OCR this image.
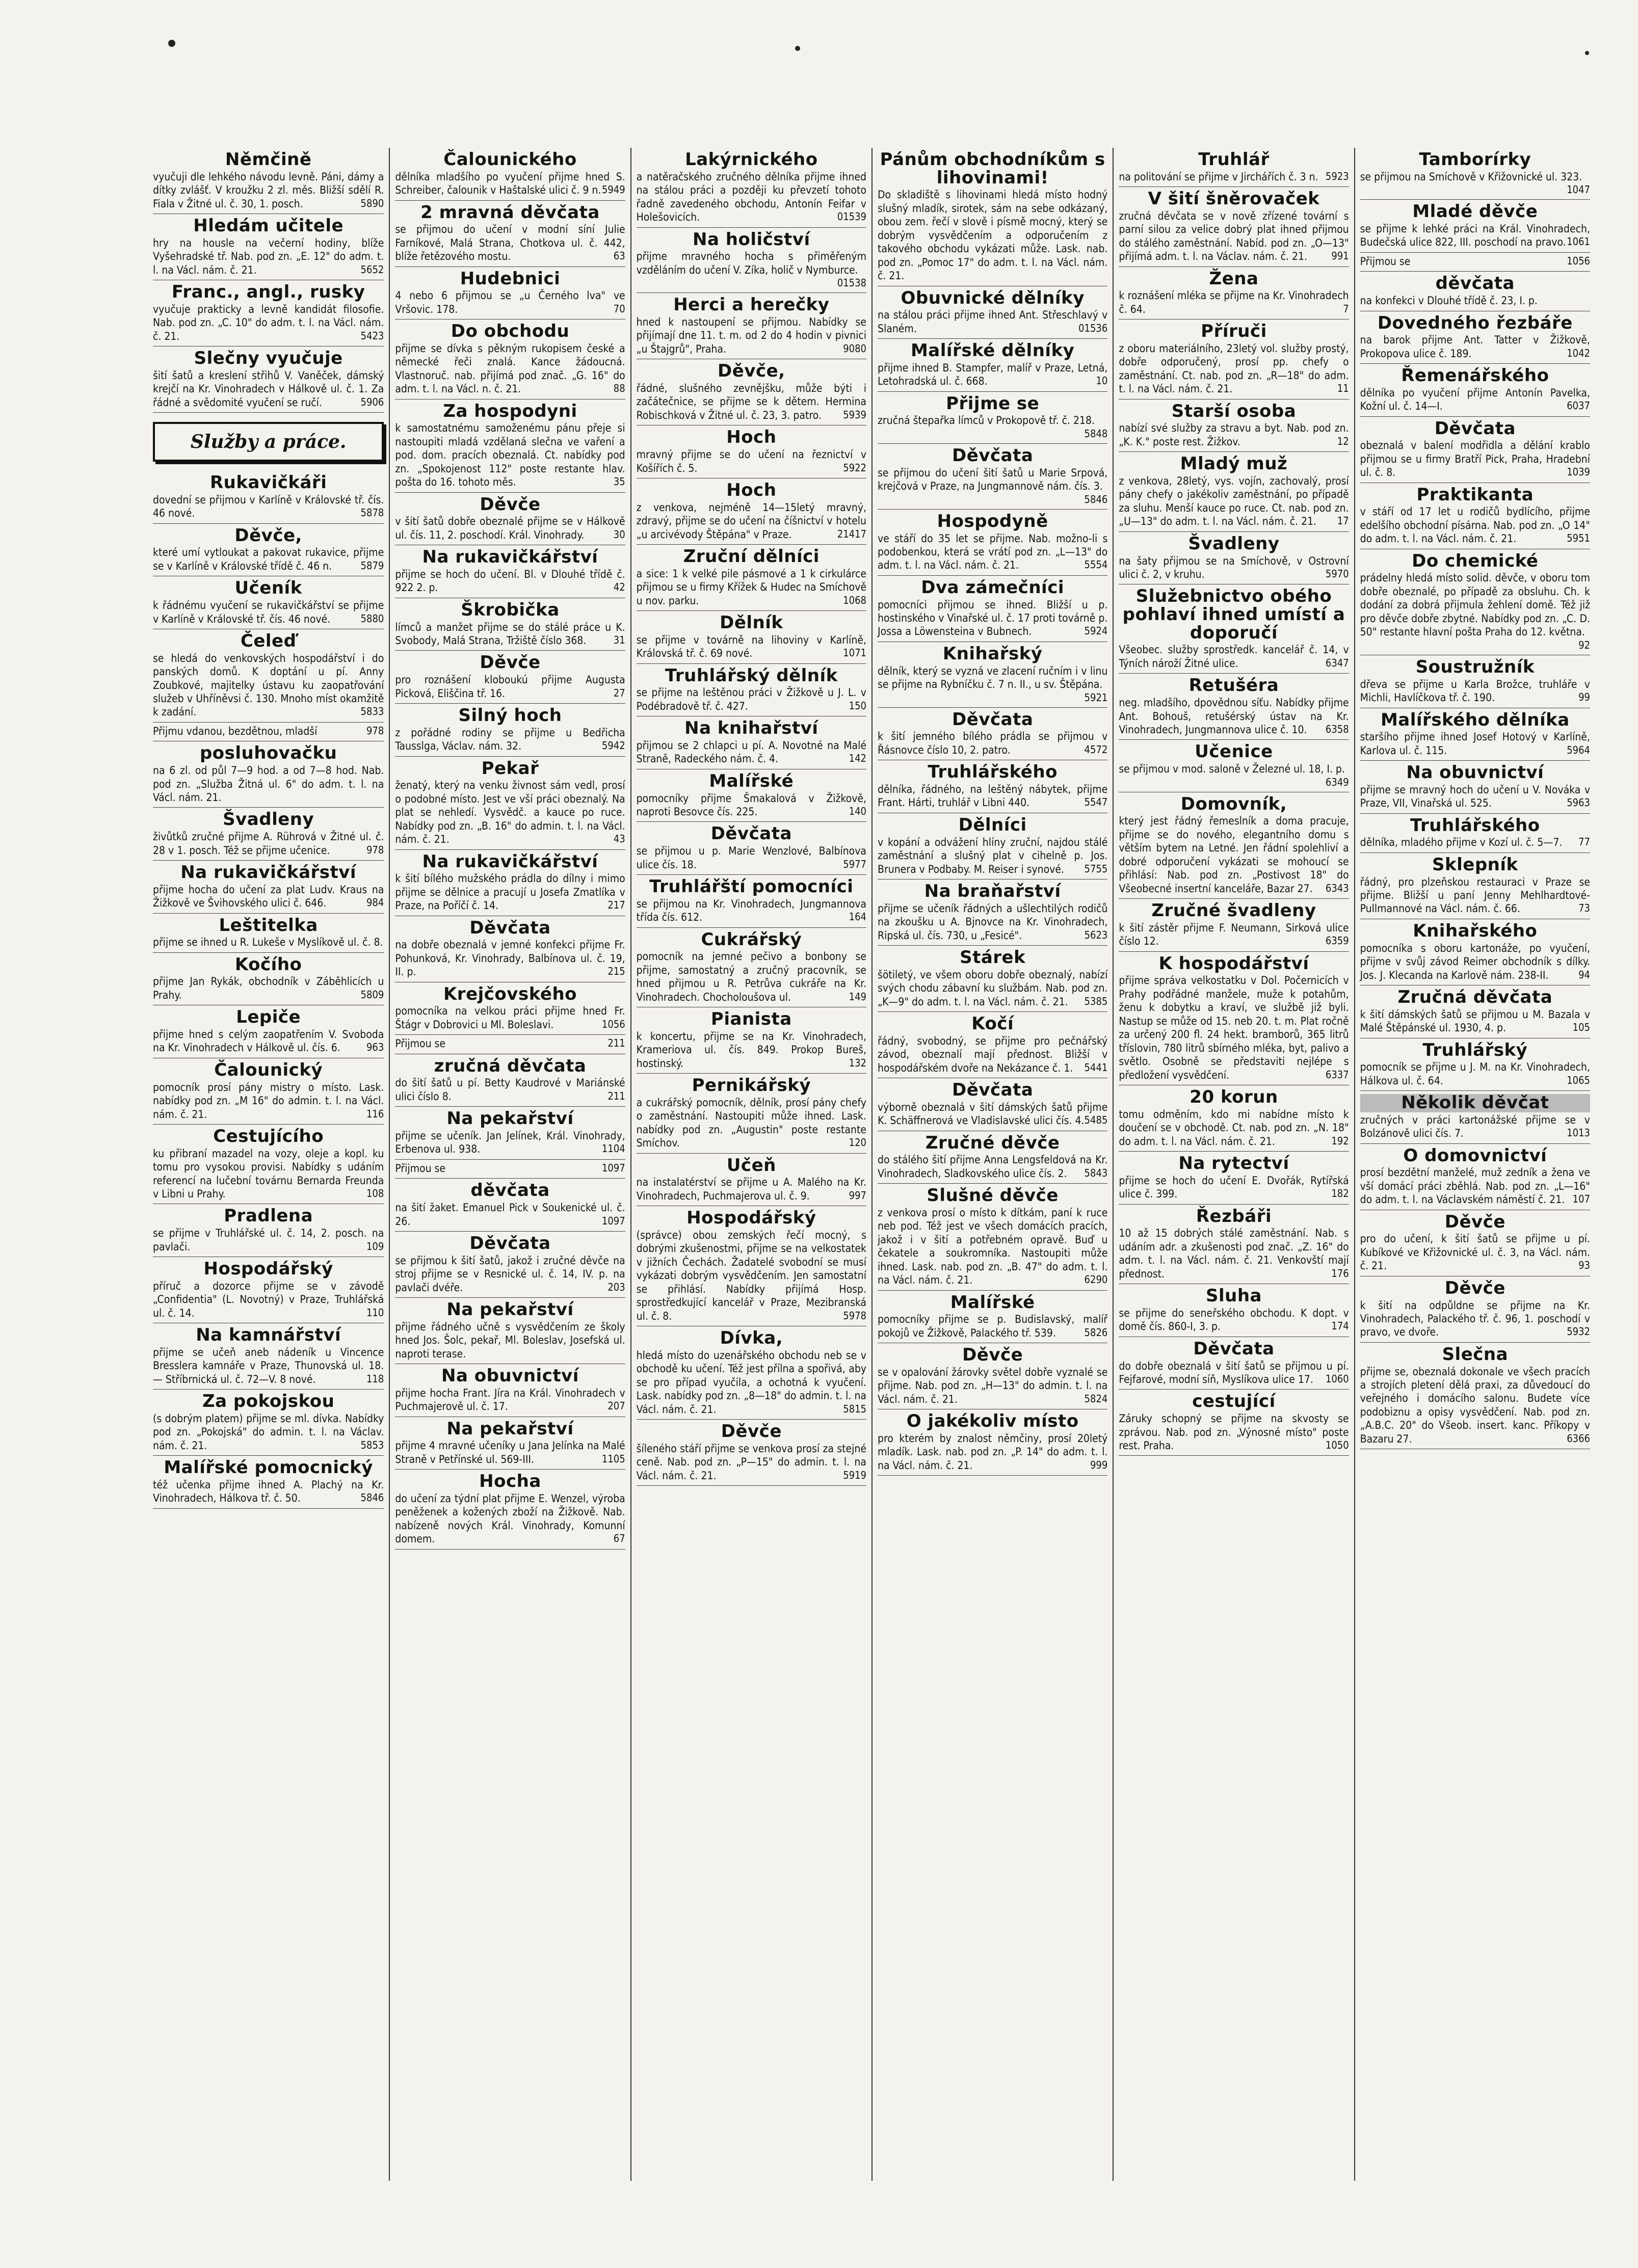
Němčině

vyučuji dle lehkého návodu levně. Páni, dámy a dítky zvlášť. V kroužku 2 zl. měs. Bližší sdělí R. Fiala v Žitné ul. č. 30, 1. posch.	5890

Hledám učitele

hry na housle na večerní hodiny, blíže Vyšehradské tř. Nab. pod zn. „E. 12" do adm. t. l. na Václ. nám. č. 21.	5652

Franc., angl., rusky

vyučuje prakticky a levně kandidát filosofie. Nab. pod zn. „C. 10" do adm. t. l. na Václ. nám. č. 21.	5423

Slečny vyučuje

šití šatů a kreslení střihů V. Vaněček, dámský krejčí na Kr. Vinohradech v Hálkově ul. č. 1. Za řádné a svědomité vyučení se ručí.	5906

Služby a práce.
Rukavičkáři

dovední se přijmou v Karlíně v Královské tř. čís. 46 nové.	5878

Děvče,

které umí vytloukat a pakovat rukavice, přijme se v Karlíně v Královské třídě č. 46 n.	5879

Učeník

k řádnému vyučení se rukavičkářství se přijme v Karlíně v Královské tř. čís. 46 nové.	5880

Čeleď

se hledá do venkovských hospodářství i do panských domů. K doptání u pí. Anny Zoubkové, majitelky ústavu ku zaopatřování služeb v Uhříněvsi č. 130. Mnoho míst okamžitě k zadání.	5833

Přijmu vdanou, bezdětnou, mladší	978

posluhovačku

na 6 zl. od půl 7—9 hod. a od 7—8 hod. Nab. pod zn. „Služba Žitná ul. 6" do adm. t. l. na Václ. nám. 21.

Švadleny

živůtků zručné přijme A. Rührová v Žitné ul. č. 28 v 1. posch. Též se přijme učenice.	978

Na rukavičkářství

přijme hocha do učení za plat Ludv. Kraus na Žižkově ve Švihovského ulici č. 646.	984

Leštitelka

přijme se ihned u R. Lukeše v Myslíkově ul. č. 8.

Kočího

přijme Jan Rykák, obchodník v Záběhlicích u Prahy.	5809

Lepiče

přijme hned s celým zaopatřením V. Svoboda na Kr. Vinohradech v Hálkově ul. čís. 6.	963

Čalounický

pomocník prosí pány mistry o místo. Lask. nabídky pod zn. „M 16" do admin. t. l. na Václ. nám. č. 21.	116

Cestujícího

ku přibraní mazadel na vozy, oleje a kopl. ku tomu pro vysokou provisi. Nabídky s udáním referencí na lučební továrnu Bernarda Freunda v Libni u Prahy.	108

Pradlena

se přijme v Truhlářské ul. č. 14, 2. posch. na pavlači.	109

Hospodářský

příruč a dozorce přijme se v závodě „Confidentia" (L. Novotný) v Praze, Truhlářská ul. č. 14.	110

Na kamnářství

přijme se učeň aneb nádeník u Vincence Bresslera kamnáře v Praze, Thunovská ul. 18. — Stříbrnická ul. č. 72—V. 8 nové.	118

Za pokojskou

(s dobrým platem) přijme se ml. dívka. Nabídky pod zn. „Pokojská" do admin. t. l. na Václav. nám. č. 21.	5853

Malířské pomocnický

též učenka přijme ihned A. Plachý na Kr. Vinohradech, Hálkova tř. č. 50.	5846

Čalounického

dělníka mladšího po vyučení přijme hned S. Schreiber, čalounik v Haštalské ulici č. 9 n. 5949

2 mravná děvčata

se přijmou do učení v modní síní Julie Farníkové, Malá Strana, Chotkova ul. č. 442, blíže řetězového mostu.	63

Hudebnici

4 nebo 6 přijmou se „u Černého lva" ve Vršovic. 178.	70

Do obchodu

přijme se dívka s pěkným rukopisem české a německé řeči znalá. Kance žádoucná. Vlastnoruč. nab. přijímá pod znač. „G. 16" do adm. t. l. na Václ. n. č. 21.	88

Za hospodyni

k samostatnému samoženému pánu přeje si nastoupiti mladá vzdělaná slečna ve vaření a pod. dom. pracích obeznalá. Ct. nabídky pod zn. „Spokojenost 112" poste restante hlav. pošta do 16. tohoto měs.	35

Děvče

v šití šatů dobře obeznalé přijme se v Hálkově ul. čís. 11, 2. poschodí. Král. Vinohrady.	30

Na rukavičkářství

přijme se hoch do učení. Bl. v Dlouhé třídě č. 922 2. p.	42

Škrobička

límců a manžet přijme se do stálé práce u K. Svobody, Malá Strana, Tržiště číslo 368.	31

Děvče

pro roznášení kloboukú přijme Augusta Picková, Eliščina tř. 16.	27

Silný hoch

z pořádné rodiny se přijme u Bedřicha Tausslga, Václav. nám. 32.	5942

Pekař

ženatý, který na venku živnost sám vedl, prosí o podobné místo. Jest ve vší práci obeznalý. Na plat se nehledí. Vysvědč. a kauce po ruce. Nabídky pod zn. „B. 16" do admin. t. l. na Václ. nám. č. 21.	43

Na rukavičkářství

k šití bílého mužského prádla do dílny i mimo přijme se dělnice a pracují u Josefa Zmatlíka v Praze, na Poříčí č. 14.	217

Děvčata

na dobře obeznalá v jemné konfekci přijme Fr. Pohunková, Kr. Vinohrady, Balbínova ul. č. 19, II. p.	215

Krejčovského

pomocníka na velkou práci přijme hned Fr. Štágr v Dobrovici u Ml. Boleslavi.	1056

Přijmou se	211

zručná děvčata

do šití šatů u pí. Betty Kaudrové v Mariánské ulici číslo 8.	211

Na pekařství

přijme se učeník. Jan Jelínek, Král. Vinohrady, Erbenova ul. 938.	1104

Přijmou se	1097

děvčata

na šití žaket. Emanuel Pick v Soukenické ul. č. 26.	1097

Děvčata

se přijmou k šití šatů, jakož i zručné děvče na stroj přijme se v Resnické ul. č. 14, IV. p. na pavlači dvéře.	203

Na pekařství

přijme řádného učně s vysvědčením ze školy hned Jos. Šolc, pekař, Ml. Boleslav, Josefská ul. naproti terase.

Na obuvnictví

přijme hocha Frant. Jíra na Král. Vinohradech v Puchmajerově ul. č. 17.	207

Na pekařství

přijme 4 mravné učeníky u Jana Jelínka na Malé Straně v Petřínské ul. 569-III.	1105

Hocha

do učení za týdní plat přijme E. Wenzel, výroba peněženek a kožených zboží na Žižkově. Nab. nabízeně nových Král. Vinohrady, Komunní domem.	67

Lakýrnického

a natěračského zručného dělníka přijme ihned na stálou práci a později ku převzetí tohoto řadně zavedeného obchodu, Antonín Feifar v Holešovicích.	01539

Na holičství

přijme mravného hocha s přiměřeným vzděláním do učení V. Zíka, holič v Nymburce.
01538

Herci a herečky

hned k nastoupení se přijmou. Nabídky se přijímají dne 11. t. m. od 2 do 4 hodin v pivnici „u Štajgrů", Praha.	9080

Děvče,

řádné, slušného zevnějšku, může býti i začátečnice, se přijme se k dětem. Hermina Robischková v Žitné ul. č. 23, 3. patro. 5939

Hoch

mravný přijme se do učení na řeznictví v Košířích č. 5.	5922

Hoch

z venkova, nejméně 14—15letý mravný, zdravý, přijme se do učení na číšnictví v hotelu „u arcivévody Štěpána" v Praze.	21417

Zruční dělníci

a sice: 1 k velké pile pásmové a 1 k cirkulárce přijmou se u firmy Křížek & Hudec na Smíchově u nov. parku.	1068

Dělník

se přijme v továrně na lihoviny v Karlíně, Královská tř. č. 69 nové.	1071

Truhlářský dělník

se přijme na leštěnou práci v Žižkově u J. L. v Podébradově tř. č. 427.	150

Na knihařství

přijmou se 2 chlapci u pí. A. Novotné na Malé Straně, Radeckého nám. č. 4.	142

Malířské

pomocníky přijme Šmakalová v Žižkově, naproti Besovce čís. 225.	140

Děvčata

se přijmou u p. Marie Wenzlové, Balbínova ulice čís. 18.	5977

Truhlářští pomocníci

se přijmou na Kr. Vinohradech, Jungmannova třída čís. 612.	164

Cukrářský

pomocník na jemné pečivo a bonbony se přijme, samostatný a zručný pracovník, se hned přijmou u R. Petrůva cukráře na Kr. Vinohradech. Chocholoušova ul.	149

Pianista

k koncertu, přijme se na Kr. Vinohradech, Krameriova ul. čís. 849. Prokop Bureš, hostinský.	132

Pernikářský

a cukrářský pomocník, dělník, prosí pány chefy o zaměstnání. Nastoupiti může ihned. Lask. nabídky pod zn. „Augustin" poste restante Smíchov.	120

Učeň

na instalatérství se přijme u A. Malého na Kr. Vinohradech, Puchmajerova ul. č. 9.	997

Hospodářský

(správce) obou zemských řečí mocný, s dobrými zkušenostmi, přijme se na velkostatek v jižních Čechách. Žadatelé svobodní se musí vykázati dobrým vysvědčením. Jen samostatní se přihlásí. Nabídky přijímá Hosp. sprostředkující kancelář v Praze, Mezibranská ul. č. 8.	5978

Dívka,

hledá místo do uzenářského obchodu neb se v obchodě ku učení. Též jest přílna a spořivá, aby se pro případ vyučila, a ochotná k vyučení. Lask. nabídky pod zn. „8—18" do admin. t. l. na Václ. nám. č. 21.	5815

Děvče

šíleného stáří přijme se venkova prosí za stejné ceně. Nab. pod zn. „P—15" do admin. t. l. na Václ. nám. č. 21.	5919

Pánům obchodníkům s lihovinami!

Do skladiště s lihovinami hledá místo hodný slušný mladík, sirotek, sám na sebe odkázaný, obou zem. řečí v slově i písmě mocný, který se dobrým vysvědčením a odporučením z takového obchodu vykázati může. Lask. nab. pod zn. „Pomoc 17" do adm. t. l. na Václ. nám. č. 21.

Obuvnické dělníky

na stálou práci přijme ihned Ant. Střeschlavý v Slaném.	01536

Malířské dělníky

přijme ihned B. Stampfer, malíř v Praze, Letná, Letohradská ul. č. 668.	10

Přijme se

zručná štepařka límců v Prokopově tř. č. 218.
5848

Děvčata

se přijmou do učení šití šatů u Marie Srpová, krejčová v Praze, na Jungmannově nám. čís. 3.
5846

Hospodyně

ve stáří do 35 let se přijme. Nab. možno-li s podobenkou, která se vrátí pod zn. „L—13" do adm. t. l. na Václ. nám. č. 21.	5554

Dva zámečníci

pomocníci přijmou se ihned. Bližší u p. hostinského v Vinařské ul. č. 17 proti továrně p. Jossa a Löwensteina v Bubnech.	5924

Knihařský

dělník, který se vyzná ve zlacení ručním i v linu se přijme na Rybníčku č. 7 n. II., u sv. Štěpána.
5921

Děvčata

k šití jemného bílého prádla se přijmou v Řásnovce číslo 10, 2. patro.	4572

Truhlářského

dělníka, řádného, na leštěný nábytek, přijme Frant. Hárti, truhlář v Libni 440.	5547

Dělníci

v kopání a odvážení hlíny zruční, najdou stálé zaměstnání a slušný plat v cihelně p. Jos. Brunera v Podbaby. M. Reiser i synové. 5755

Na braňařství

přijme se učeník řádných a ušlechtilých rodičů na zkoušku u A. Bjnovce na Kr. Vinohradech, Ripská ul. čís. 730, u „Fesicé".	5623

Stárek

šötiletý, ve všem oboru dobře obeznalý, nabízí svých chodu zábavní ku službám. Nab. pod zn. „K—9" do adm. t. l. na Václ. nám. č. 21. 5385

Kočí

řádný, svobodný, se přijme pro pečnářský závod, obeznalí mají přednost. Bližší v hospodářském dvoře na Nekázance č. 1. 5441

Děvčata

výborně obeznalá v šití dámských šatů přijme K. Schäffnerová ve Vladislavské ulici čís. 4. 5485

Zručné děvče

do stálého šití přijme Anna Lengsfeldová na Kr. Vinohradech, Sladkovského ulice čís. 2. 5843

Slušné děvče

z venkova prosí o místo k dítkám, paní k ruce neb pod. Též jest ve všech domácích pracích, jakož i v šití a potřebném opravě. Buď u čekatele a soukromníka. Nastoupiti může ihned. Lask. nab. pod zn. „B. 47" do adm. t. l. na Václ. nám. č. 21.	6290

Malířské

pomocníky přijme se p. Budislavský, malíř pokojů ve Žižkově, Palackého tř. 539.	5826

Děvče

se v opalování žárovky světel dobře vyznalé se přijme. Nab. pod zn. „H—13" do admin. t. l. na Václ. nám. č. 21.	5824

O jakékoliv místo

pro kterém by znalost němčiny, prosí 20letý mladík. Lask. nab. pod zn. „P. 14" do adm. t. l. na Václ. nám. č. 21.	999

Truhlář

na politování se přijme v Jirchářích č. 3 n. 5923

V šití šněrovaček

zručná děvčata se v nově zřízené tovární s parní silou za velice dobrý plat ihned přijmou do stálého zaměstnání. Nabíd. pod zn. „O—13" přijímá adm. t. l. na Václav. nám. č. 21. 991

Žena

k roznášení mléka se přijme na Kr. Vinohradech č. 64.	7

Příruči

z oboru materiálního, 23letý vol. služby prostý, dobře odporučený, prosí pp. chefy o zaměstnání. Ct. nab. pod zn. „R—18" do adm. t. l. na Václ. nám. č. 21.	11

Starší osoba

nabízí své služby za stravu a byt. Nab. pod zn. „K. K." poste rest. Žižkov.	12

Mladý muž

z venkova, 28letý, vys. vojín, zachovalý, prosí pány chefy o jakékoliv zaměstnání, po případě za sluhu. Menší kauce po ruce. Ct. nab. pod zn. „U—13" do adm. t. l. na Václ. nám. č. 21. 17

Švadleny

na šaty přijmou se na Smíchově, v Ostrovní ulici č. 2, v kruhu.	5970

Služebnictvo obého pohlaví ihned umístí a doporučí

Všeobec. služby sprostředk. kancelář č. 14, v Týních nároží Žitné ulice.	6347

Retušéra

neg. mladšího, dpovědnou síťu. Nabídky přijme Ant. Bohouš, retušérský ústav na Kr. Vinohradech, Jungmannova ulice č. 10. 6358

Učenice

se přijmou v mod. saloně v Železné ul. 18, I. p.
6349

Domovník,

který jest řádný řemeslník a doma pracuje, přijme se do nového, elegantního domu s větším bytem na Letné. Jen řádní spolehliví a dobré odporučení vykázati se mohoucí se přihlásí: Nab. pod zn. „Postivost 18" do Všeobecné insertní kanceláře, Bazar 27. 6343

Zručné švadleny

k šití zástěr přijme F. Neumann, Sirková ulice číslo 12.	6359

K hospodářství

přijme správa velkostatku v Dol. Počernicích v Prahy podřádné manžele, muže k potahům, ženu k dobytku a kraví, ve službě již byli. Nastup se může od 15. neb 20. t. m. Plat ročně za určený 200 fl. 24 hekt. bramborů, 365 litrů tříslovin, 780 litrů sbírného mléka, byt, palivo a světlo. Osobně se představiti nejlépe s předložení vysvědčení.	6337

20 korun

tomu odměním, kdo mi nabídne místo k doučení se v obchodě. Ct. nab. pod zn. „N. 18" do adm. t. l. na Václ. nám. č. 21.	192

Na rytectví

přijme se hoch do učení E. Dvořák, Rytířská ulice č. 399.	182

Řezbáři

10 až 15 dobrých stálé zaměstnání. Nab. s udáním adr. a zkušenosti pod znač. „Z. 16" do adm. t. l. na Václ. nám. č. 21. Venkovští mají přednost.	176

Sluha

se přijme do seneřského obchodu. K dopt. v domě čís. 860-I, 3. p.	174

Děvčata

do dobře obeznalá v šití šatů se přijmou u pí. Fejfarové, modní síň, Myslíkova ulice 17. 1060

cestující

Záruky schopný se přijme na skvosty se zprávou. Nab. pod zn. „Výnosné místo" poste rest. Praha.	1050

Tamborírky

se přijmou na Smíchově v Křižovnické ul. 323.
1047

Mladé děvče

se přijme k lehké práci na Král. Vinohradech, Budečská ulice 822, III. poschodí na pravo. 1061

Přijmou se	1056

děvčata

na konfekci v Dlouhé třídě č. 23, I. p.

Dovedného řezbáře

na barok přijme Ant. Tatter v Žižkově, Prokopova ulice č. 189.	1042

Řemenářského

dělníka po vyučení přijme Antonín Pavelka, Kožní ul. č. 14—I.	6037

Děvčata

obeznalá v balení modřidla a dělání krablo přijmou se u firmy Bratří Pick, Praha, Hradební ul. č. 8.	1039

Praktikanta

v stáří od 17 let u rodičů bydlícího, přijme edelšího obchodní písárna. Nab. pod zn. „O 14" do adm. t. l. na Václ. nám. č. 21.	5951

Do chemické

prádelny hledá místo solid. děvče, v oboru tom dobře obeznalé, po případě za obsluhu. Ch. k dodání za dobrá přijmula žehlení domě. Též již pro děvče dobře zbytné. Nabídky pod zn. „C. D. 50" restante hlavní pošta Praha do 12. května.
92

Soustružník

dřeva se přijme u Karla Brožce, truhláře v Michli, Havlíčkova tř. č. 190.	99

Malířského dělníka

staršího přijme ihned Josef Hotový v Karlíně, Karlova ul. č. 115.	5964

Na obuvnictví

přijme se mravný hoch do učení u V. Nováka v Praze, VII, Vinařská ul. 525.	5963

Truhlářského

dělníka, mladého přijme v Kozí ul. č. 5—7. 77

Sklepník

řádný, pro plzeňskou restauraci v Praze se přijme. Bližší u paní Jenny Mehlhardtové-Pullmannové na Václ. nám. č. 66.	73

Knihařského

pomocníka s oboru kartonáže, po vyučení, přijme v svůj závod Reimer obchodník s dílky. Jos. J. Klecanda na Karlově nám. 238-II.	94

Zručná děvčata

k šití dámských šatů se přijmou u M. Bazala v Malé Štěpánské ul. 1930, 4. p.	105

Truhlářský

pomocník se přijme u J. M. na Kr. Vinohradech, Hálkova ul. č. 64.	1065

Několik děvčat

zručných v práci kartonážské přijme se v Bolzánově ulici čís. 7.	1013

O domovnictví

prosí bezdětní manželé, muž zedník a žena ve vší domácí práci zběhlá. Nab. pod zn. „L—16" do adm. t. l. na Václavském náměstí č. 21. 107

Děvče

pro do učení, k šití šatů se přijme u pí. Kubíkové ve Křižovnické ul. č. 3, na Václ. nám. č. 21.	93

Děvče

k šití na odpůldne se přijme na Kr. Vinohradech, Palackého tř. č. 96, 1. poschodí v pravo, ve dvoře.	5932

Slečna

přijme se, obeznalá dokonale ve všech pracích a strojích pletení dělá praxi, za důvedoucí do veřejného i domácího salonu. Budete více podobiznu a opisy vysvědčení. Nab. pod zn. „A.B.C. 20" do Všeob. insert. kanc. Příkopy v Bazaru 27.	6366
